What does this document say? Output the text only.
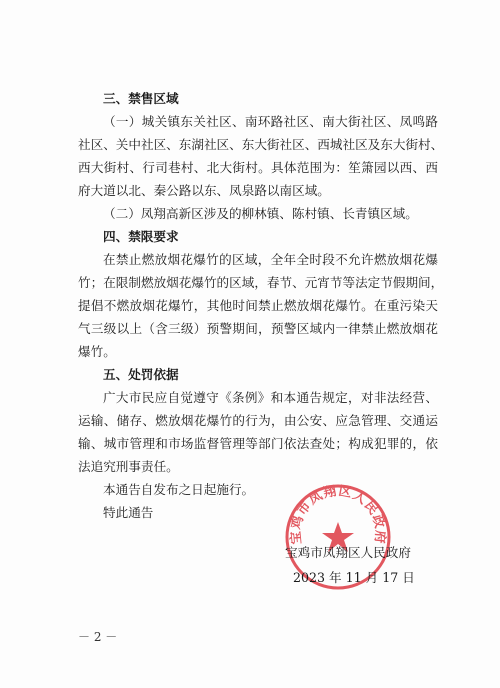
三、禁售区域
（一）城关镇东关社区、南环路社区、南大街社区、凤鸣路
社区、关中社区、东湖社区、东大街社区、西城社区及东大街村、
西大街村、行司巷村、北大街村。具体范围为：笙箫园以西、西
府大道以北、秦公路以东、凤泉路以南区域。
（二）凤翔高新区涉及的柳林镇、陈村镇、长青镇区域。
四、禁限要求
在禁止燃放烟花爆竹的区域，全年全时段不允许燃放烟花爆
竹；在限制燃放烟花爆竹的区域，春节、元宵节等法定节假期间，
提倡不燃放烟花爆竹，其他时间禁止燃放烟花爆竹。在重污染天
气三级以上（含三级）预警期间，预警区域内一律禁止燃放烟花
爆竹。
五、处罚依据
广大市民应自觉遵守《条例》和本通告规定，对非法经营、
运输、储存、燃放烟花爆竹的行为，由公安、应急管理、交通运
输、城市管理和市场监督管理等部门依法查处；构成犯罪的，依
法追究刑事责任。
本通告自发布之日起施行。
特此通告
宝鸡市凤翔区人民政府
宝鸡市凤翔区人民政府
2023 年 11 月 17 日
－ 2 －
